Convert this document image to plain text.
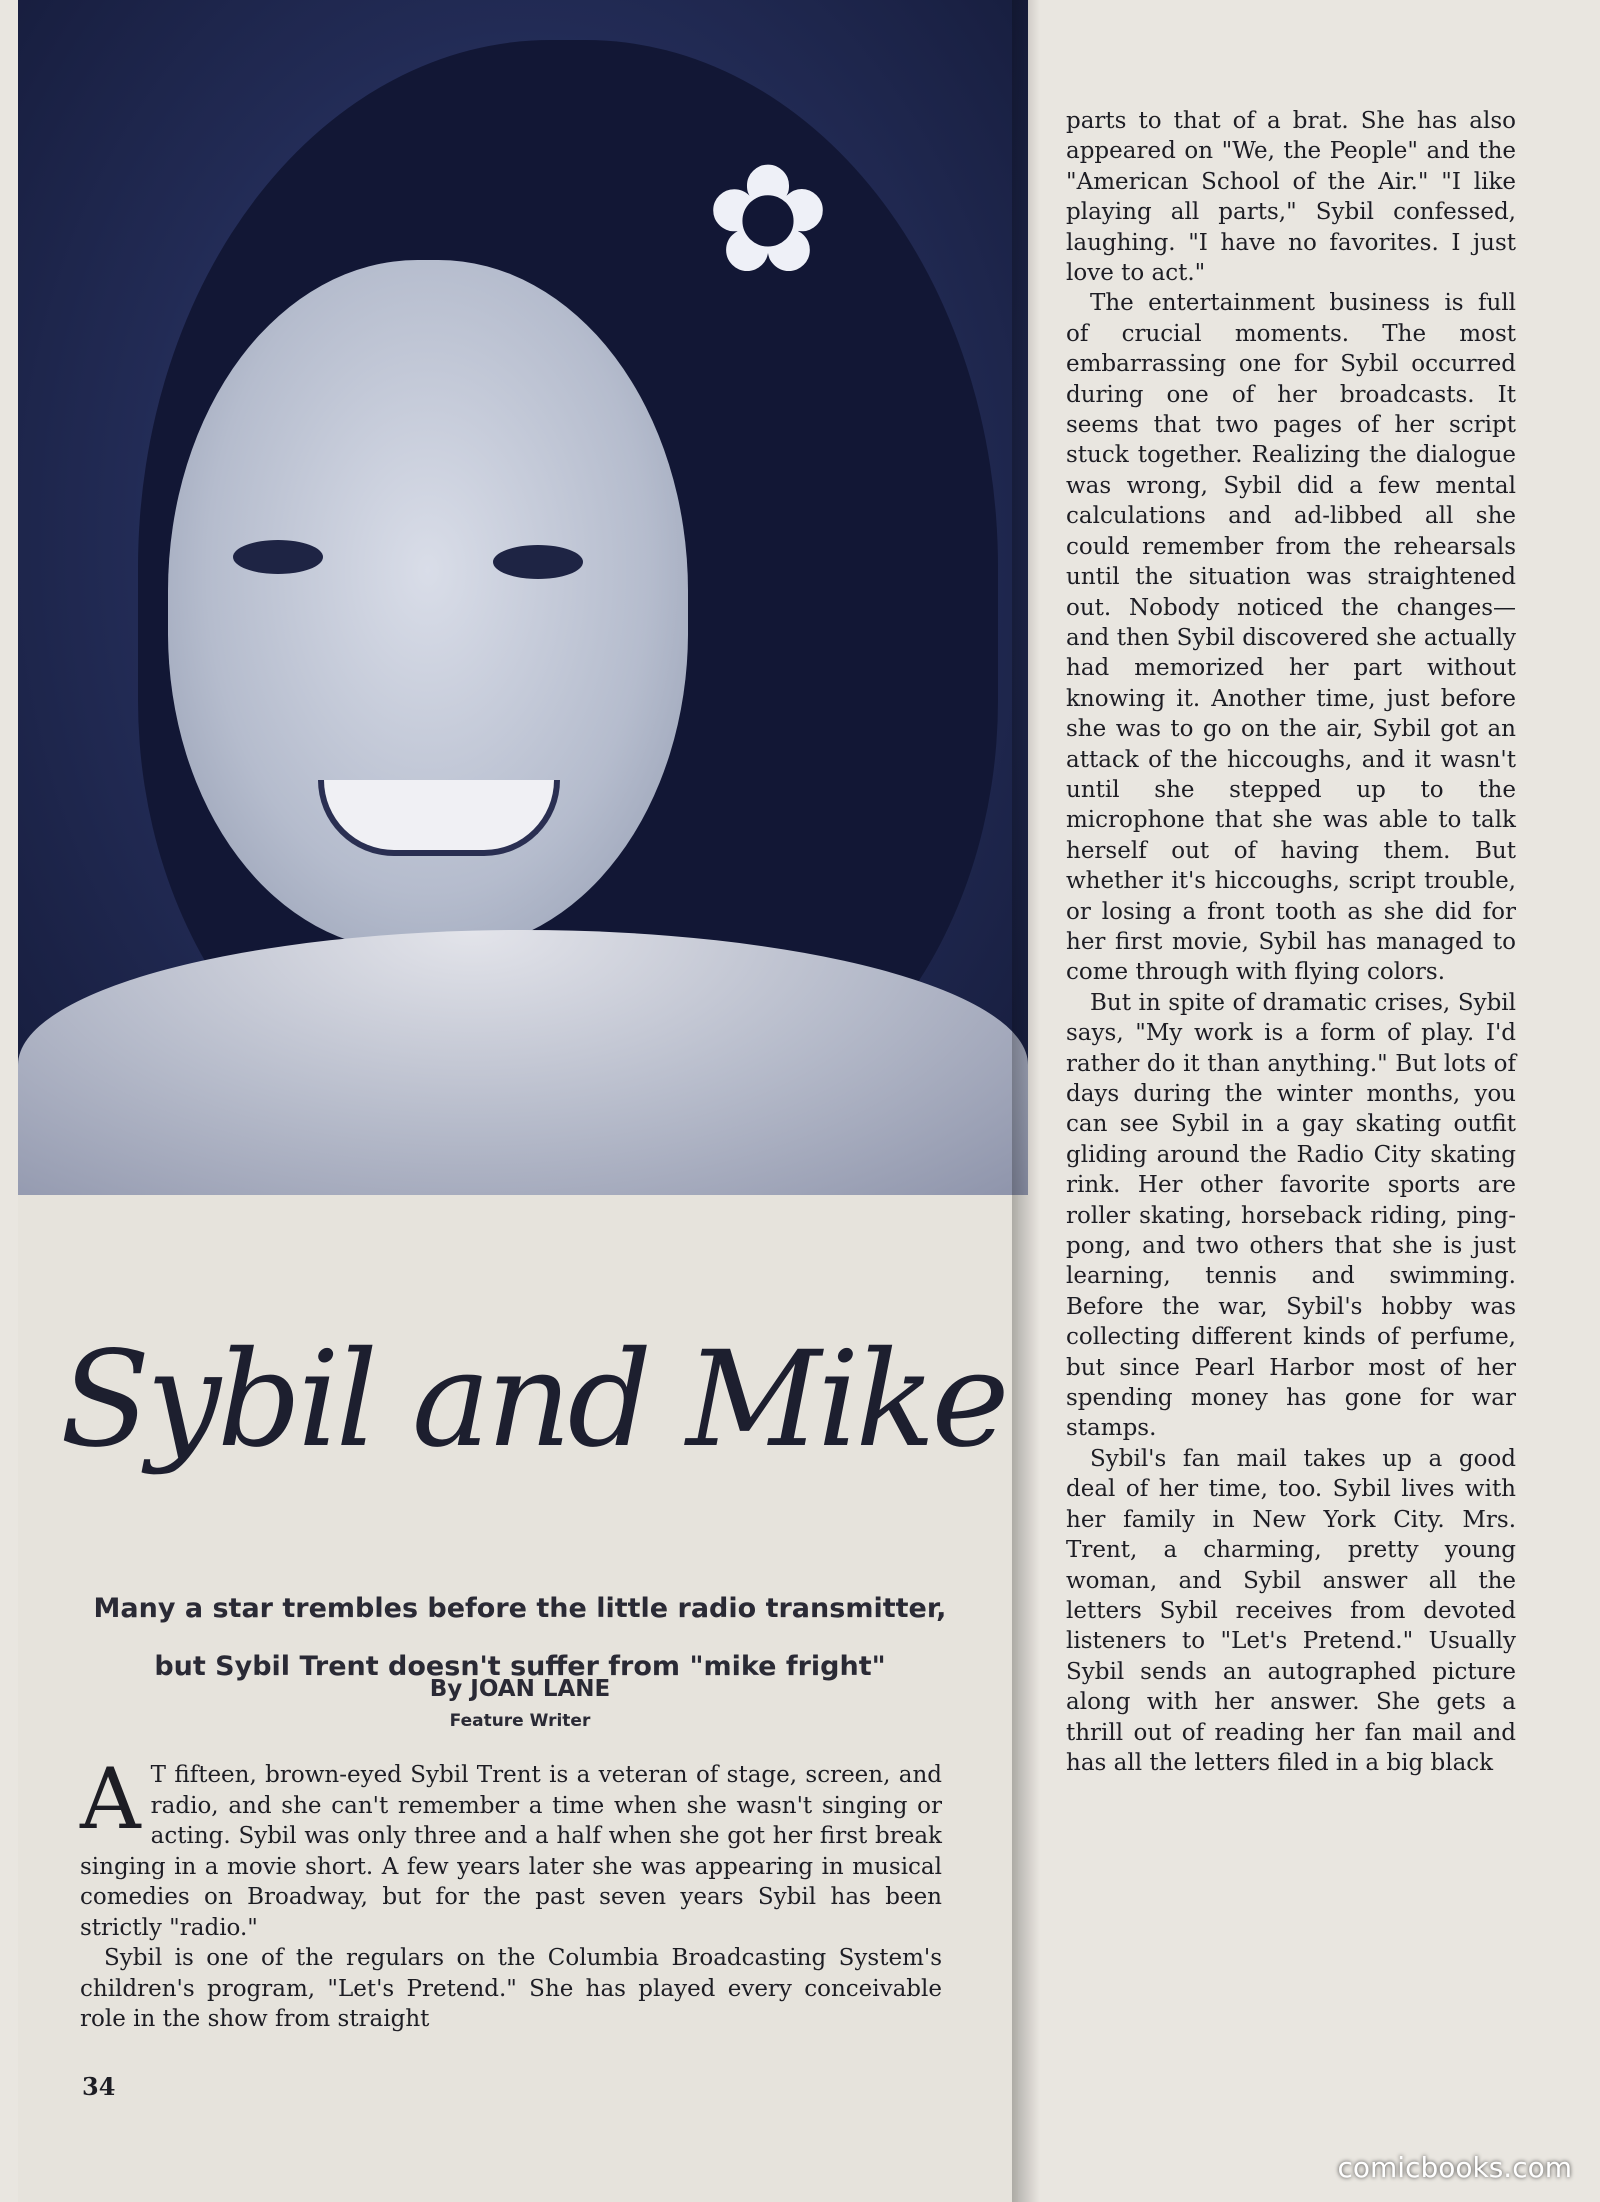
✿
Sybil and Mike
Many a star trembles before the little radio transmitter,
but Sybil Trent doesn't suffer from "mike fright"
By JOAN LANE
Feature Writer

A T fifteen, brown-eyed Sybil Trent is a veteran of stage, screen, and radio, and she can't remember a time when she wasn't singing or acting. Sybil was only three and a half when she got her first break singing in a movie short. A few years later she was appearing in musical comedies on Broadway, but for the past seven years Sybil has been strictly "radio."

Sybil is one of the regulars on the Columbia Broadcasting System's children's program, "Let's Pretend." She has played every conceivable role in the show from straight

34

parts to that of a brat. She has also appeared on "We, the People" and the "American School of the Air." "I like playing all parts," Sybil confessed, laughing. "I have no favorites. I just love to act."

The entertainment business is full of crucial moments. The most embarrassing one for Sybil occurred during one of her broadcasts. It seems that two pages of her script stuck together. Realizing the dialogue was wrong, Sybil did a few mental calculations and ad-libbed all she could remember from the rehearsals until the situation was straightened out. Nobody noticed the changes—and then Sybil discovered she actually had memorized her part without knowing it. Another time, just before she was to go on the air, Sybil got an attack of the hiccoughs, and it wasn't until she stepped up to the microphone that she was able to talk herself out of having them. But whether it's hiccoughs, script trouble, or losing a front tooth as she did for her first movie, Sybil has managed to come through with flying colors.

But in spite of dramatic crises, Sybil says, "My work is a form of play. I'd rather do it than anything." But lots of days during the winter months, you can see Sybil in a gay skating outfit gliding around the Radio City skating rink. Her other favorite sports are roller skating, horseback riding, ping-pong, and two others that she is just learning, tennis and swimming. Before the war, Sybil's hobby was collecting different kinds of perfume, but since Pearl Harbor most of her spending money has gone for war stamps.

Sybil's fan mail takes up a good deal of her time, too. Sybil lives with her family in New York City. Mrs. Trent, a charming, pretty young woman, and Sybil answer all the letters Sybil receives from devoted listeners to "Let's Pretend." Usually Sybil sends an autographed picture along with her answer. She gets a thrill out of reading her fan mail and has all the letters filed in a big black

comicbooks.com
